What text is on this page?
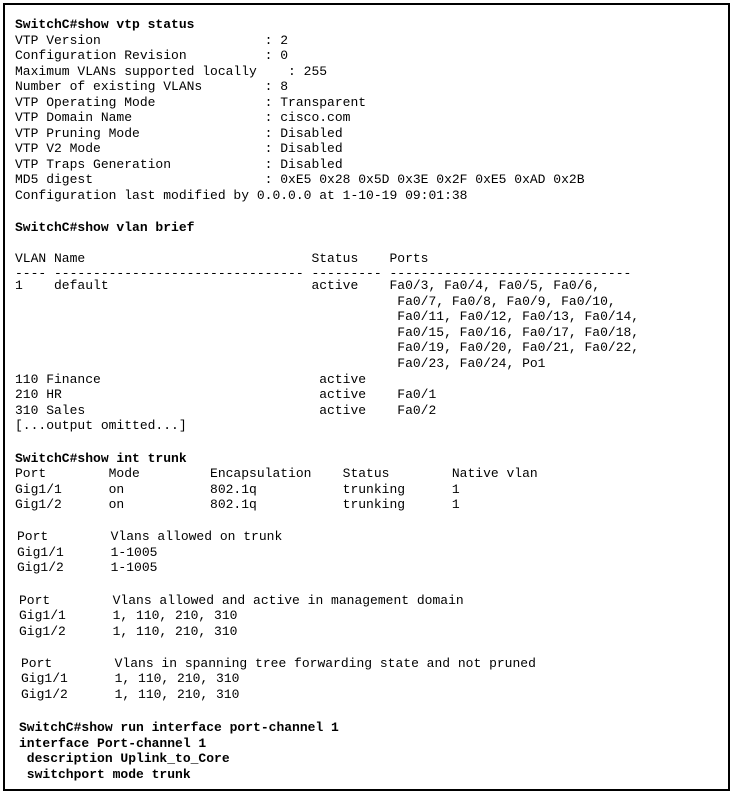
SwitchC#show vtp status
VTP Version                     : 2
Configuration Revision          : 0
Maximum VLANs supported locally    : 255
Number of existing VLANs        : 8
VTP Operating Mode              : Transparent
VTP Domain Name                 : cisco.com
VTP Pruning Mode                : Disabled
VTP V2 Mode                     : Disabled
VTP Traps Generation            : Disabled
MD5 digest                      : 0xE5 0x28 0x5D 0x3E 0x2F 0xE5 0xAD 0x2B
Configuration last modified by 0.0.0.0 at 1-10-19 09:01:38
SwitchC#show vlan brief
VLAN Name                             Status    Ports
---- -------------------------------- --------- -------------------------------
1    default                          active    Fa0/3, Fa0/4, Fa0/5, Fa0/6,
Fa0/7, Fa0/8, Fa0/9, Fa0/10,
Fa0/11, Fa0/12, Fa0/13, Fa0/14,
Fa0/15, Fa0/16, Fa0/17, Fa0/18,
Fa0/19, Fa0/20, Fa0/21, Fa0/22,
Fa0/23, Fa0/24, Po1
110 Finance                            active
210 HR                                 active    Fa0/1
310 Sales                              active    Fa0/2
[...output omitted...]
SwitchC#show int trunk
Port        Mode         Encapsulation    Status        Native vlan
Gig1/1      on           802.1q           trunking      1
Gig1/2      on           802.1q           trunking      1
Port        Vlans allowed on trunk
Gig1/1      1-1005
Gig1/2      1-1005
Port        Vlans allowed and active in management domain
Gig1/1      1, 110, 210, 310
Gig1/2      1, 110, 210, 310
Port        Vlans in spanning tree forwarding state and not pruned
Gig1/1      1, 110, 210, 310
Gig1/2      1, 110, 210, 310
SwitchC#show run interface port-channel 1
interface Port-channel 1
description Uplink_to_Core
switchport mode trunk
